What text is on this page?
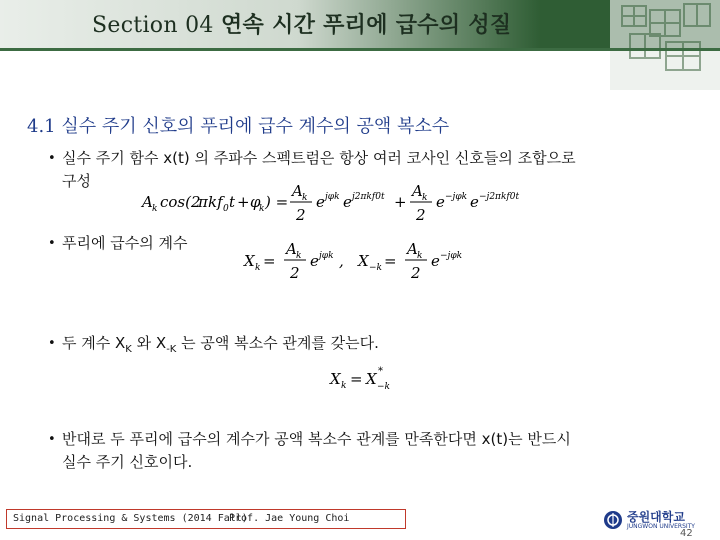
Section 04 연속 시간 푸리에 급수의 성질
4.1 실수 주기 신호의 푸리에 급수 계수의 공액 복소수
• 실수 주기 함수 x(t) 의 주파수 스펙트럼은 항상 여러 코사인 신호들의 조합으로
구성
A k cos(2
π kf 0 t + φ
k ) =
A k
2
e jφk e j2πkf0t +
A k
2
e −jφk e −j2πkf0t
• 푸리에 급수의 계수
X k =
A k
2
e jφk , X −k =
A k
2
e −jφk
• 두 계수 $X_K$ 와 $X_{-K}$ 는 공액 복소수 관계를 갖는다.
X k = X *
−k
• 반대로 두 푸리에 급수의 계수가 공액 복소수 관계를 만족한다면 x(t)는 반드시
실수 주기 신호이다.
Signal Processing & Systems (2014 Fall)
Prof. Jae Young Choi	중원대학교
JUNGWON UNIVERSITY
42
